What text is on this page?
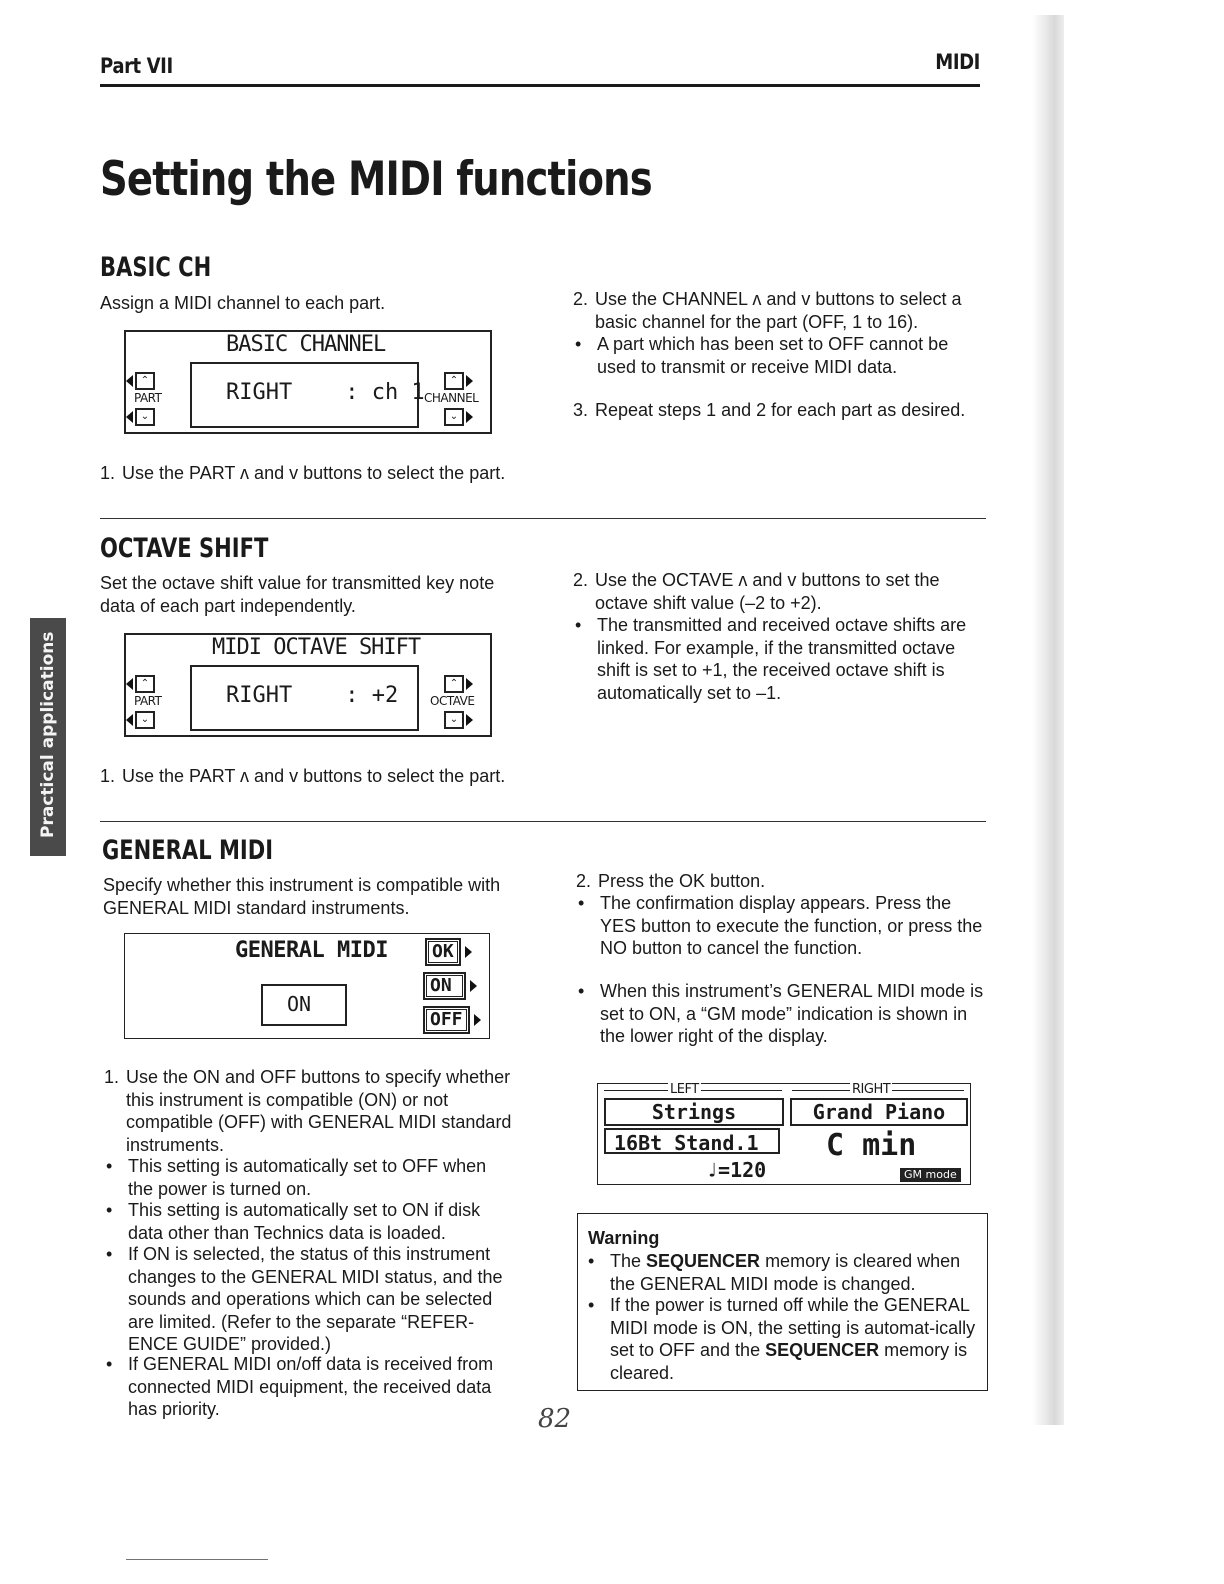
Part VII	MIDI
Setting the MIDI functions
Practical applications
BASIC CH
Assign a MIDI channel to each part.
BASIC CHANNEL
RIGHT    : ch 1
⌃
PART
⌄
⌃
CHANNEL
⌄
1. Use the PART ʌ and v buttons to select the part.
2. Use the CHANNEL ʌ and v buttons to select a basic channel for the part (OFF, 1 to 16).
• A part which has been set to OFF cannot be used to transmit or receive MIDI data.
3. Repeat steps 1 and 2 for each part as desired.
OCTAVE SHIFT
Set the octave shift value for transmitted key note data of each part independently.
MIDI OCTAVE SHIFT
RIGHT    : +2
⌃
PART
⌄
⌃
OCTAVE
⌄
1. Use the PART ʌ and v buttons to select the part.
2. Use the OCTAVE ʌ and v buttons to set the octave shift value (–2 to +2).
• The transmitted and received octave shifts are linked. For example, if the transmitted octave shift is set to +1, the received octave shift is automatically set to –1.
GENERAL MIDI
Specify whether this instrument is compatible with GENERAL MIDI standard instruments.
GENERAL MIDI
ON
OK
ON
OFF
1. Use the ON and OFF buttons to specify whether this instrument is compatible (ON) or not compatible (OFF) with GENERAL MIDI standard instruments.
• This setting is automatically set to OFF when the power is turned on.
• This setting is automatically set to ON if disk data other than Technics data is loaded.
• If ON is selected, the status of this instrument changes to the GENERAL MIDI status, and the sounds and operations which can be selected are limited. (Refer to the separate “REFER-ENCE GUIDE” provided.)
• If GENERAL MIDI on/off data is received from connected MIDI equipment, the received data has priority.
2. Press the OK button.
• The confirmation display appears. Press the YES button to execute the function, or press the NO button to cancel the function.
• When this instrument’s GENERAL MIDI mode is set to ON, a “GM mode” indication is shown in the lower right of the display.
LEFT	RIGHT
Strings	Grand Piano
16Bt Stand.1	C min
♩=120	GM mode
Warning
• The SEQUENCER memory is cleared when the GENERAL MIDI mode is changed.
• If the power is turned off while the GENERAL MIDI mode is ON, the setting is automat-ically set to OFF and the SEQUENCER memory is cleared.
82
